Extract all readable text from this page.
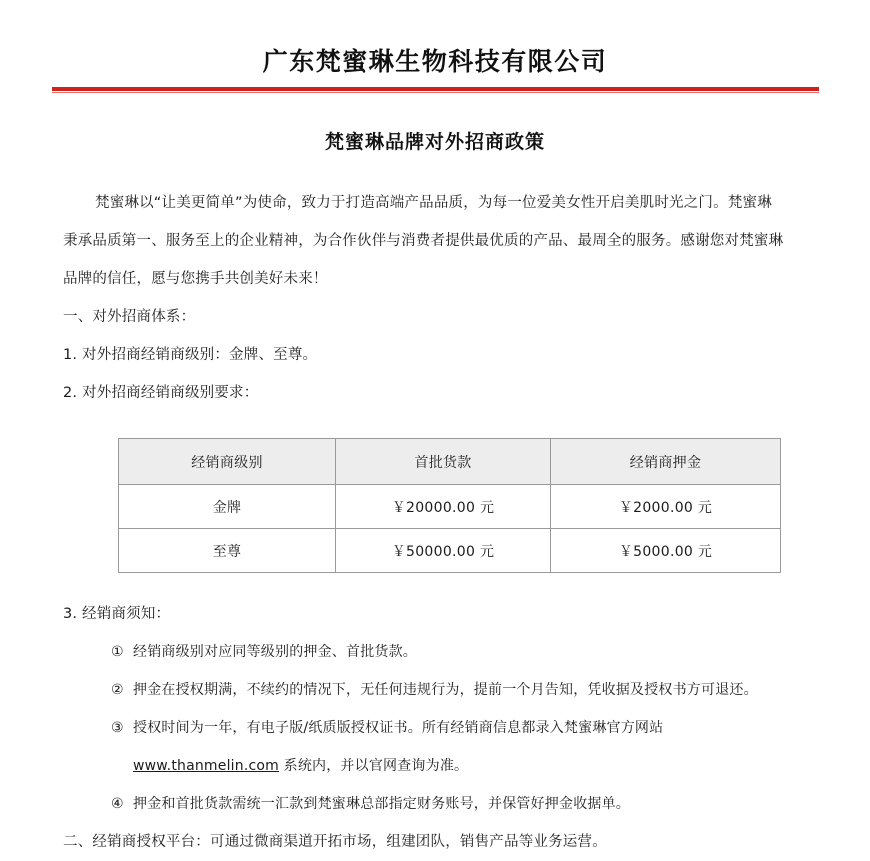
广东梵蜜琳生物科技有限公司
梵蜜琳品牌对外招商政策

梵蜜琳以“让美更简单”为使命，致力于打造高端产品品质，为每一位爱美女性开启美肌时光之门。梵蜜琳

秉承品质第一、服务至上的企业精神，为合作伙伴与消费者提供最优质的产品、最周全的服务。感谢您对梵蜜琳

品牌的信任，愿与您携手共创美好未来！

一、对外招商体系：

1. 对外招商经销商级别：金牌、至尊。

2. 对外招商经销商级别要求：

经销商级别	首批货款	经销商押金
金牌	￥20000.00 元	￥2000.00 元
至尊	￥50000.00 元	￥5000.00 元

3. 经销商须知：

① 经销商级别对应同等级别的押金、首批货款。
② 押金在授权期满，不续约的情况下，无任何违规行为，提前一个月告知，凭收据及授权书方可退还。
③ 授权时间为一年，有电子版/纸质版授权证书。所有经销商信息都录入梵蜜琳官方网站
www.thanmelin.com 系统内，并以官网查询为准。
④ 押金和首批货款需统一汇款到梵蜜琳总部指定财务账号，并保管好押金收据单。

二、经销商授权平台：可通过微商渠道开拓市场，组建团队，销售产品等业务运营。
